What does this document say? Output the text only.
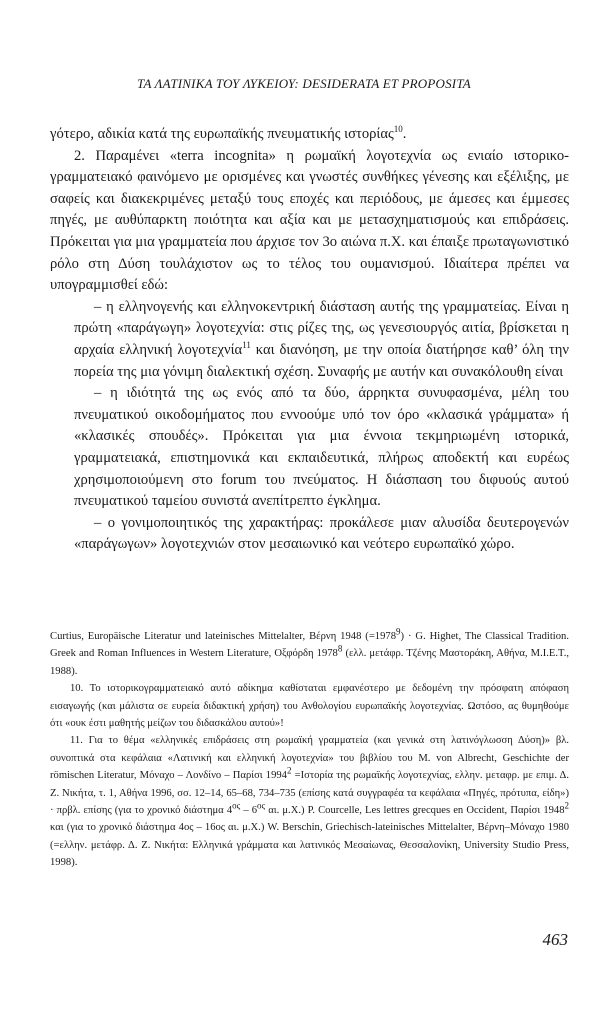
ΤΑ ΛΑΤΙΝΙΚΑ ΤΟΥ ΛΥΚΕΙΟΥ: DESIDERATA ET PROPOSITA

γότερο, αδικία κατά της ευρωπαϊκής πνευματικής ιστορίας$^{10}$.

2. Παραμένει «terra incognita» η ρωμαϊκή λογοτεχνία ως ενιαίο ιστορικογραμματειακό φαινόμενο με ορισμένες και γνωστές συνθήκες γένεσης και εξέλιξης, με σαφείς και διακεκριμένες μεταξύ τους εποχές και περιόδους, με άμεσες και έμμεσες πηγές, με αυθύπαρκτη ποιότητα και αξία και με μετασχηματισμούς και επιδράσεις. Πρόκειται για μια γραμματεία που άρχισε τον 3ο αιώνα π.Χ. και έπαιξε πρωταγωνιστικό ρόλο στη Δύση τουλάχιστον ως το τέλος του ουμανισμού. Ιδιαίτερα πρέπει να υπογραμμισθεί εδώ:

– η ελληνογενής και ελληνοκεντρική διάσταση αυτής της γραμματείας. Είναι η πρώτη «παράγωγη» λογοτεχνία: στις ρίζες της, ως γενεσιουργός αιτία, βρίσκεται η αρχαία ελληνική λογοτεχνία$^{11}$ και διανόηση, με την οποία διατήρησε καθ’ όλη την πορεία της μια γόνιμη διαλεκτική σχέση. Συναφής με αυτήν και συνακόλουθη είναι

– η ιδιότητά της ως ενός από τα δύο, άρρηκτα συνυφασμένα, μέλη του πνευματικού οικοδομήματος που εννοούμε υπό τον όρο «κλασικά γράμματα» ή «κλασικές σπουδές». Πρόκειται για μια έννοια τεκμηριωμένη ιστορικά, γραμματειακά, επιστημονικά και εκπαιδευτικά, πλήρως αποδεκτή και ευρέως χρησιμοποιούμενη στο forum του πνεύματος. Η διάσπαση του διφυούς αυτού πνευματικού ταμείου συνιστά ανεπίτρεπτο έγκλημα.

– ο γονιμοποιητικός της χαρακτήρας: προκάλεσε μιαν αλυσίδα δευτερογενών «παράγωγων» λογοτεχνιών στον μεσαιωνικό και νεότερο ευρωπαϊκό χώρο.

Curtius, Europäische Literatur und lateinisches Mittelalter, Βέρνη 1948 $(=1978^9) \cdot G$. Highet, The Classical Tradition. Greek and Roman Influences in Western Literature, Οξφόρδη 1978$^8$ (ελλ. μετάφρ. Τζένης Μαστοράκη, Αθήνα, Μ.Ι.Ε.Τ., 1988).

10. Το ιστορικογραμματειακό αυτό αδίκημα καθίσταται εμφανέστερο με δεδομένη την πρόσφατη απόφαση εισαγωγής (και μάλιστα σε ευρεία διδακτική χρήση) του Ανθολογίου ευρωπαϊκής λογοτεχνίας. Ωστόσο, ας θυμηθούμε ότι «ουκ έστι μαθητής μείζων του διδασκάλου αυτού»!

11. Για το θέμα «ελληνικές επιδράσεις στη ρωμαϊκή γραμματεία (και γενικά στη λατινόγλωσση Δύση)» βλ. συνοπτικά στα κεφάλαια «Λατινική και ελληνική λογοτεχνία» του βιβλίου του M. von Albrecht, Geschichte der römischen Literatur, Μόναχο – Λονδίνο – Παρίσι $1994^2 =I\sigma\tau o\rho ί\alpha$ της ρωμαϊκής λογοτεχνίας, ελλην. μεταφρ. με επιμ. Δ. Ζ. Νικήτα, τ. 1, Αθήνα 1996, σσ. 12–14, 65–68, 734–735 (επίσης κατά συγγραφέα τα κεφάλαια «Πηγές, πρότυπα, είδη») · πρβλ. επίσης (για το χρονικό διάστημα $4^{o\varsigma} - 6^{o\varsigma}$ αι. μ.Χ.) P. Courcelle, Les lettres grecques en Occident, Παρίσι 1948$^2$ και (για το χρονικό διάστημα 4ος – 16ος αι. μ.Χ.) W. Berschin, Griechisch-lateinisches Mittelalter, Βέρνη–Μόναχο 1980 (=ελλην. μετάφρ. Δ. Ζ. Νικήτα: Ελληνικά γράμματα και λατινικός Μεσαίωνας, Θεσσαλονίκη, University Studio Press, 1998).

463
